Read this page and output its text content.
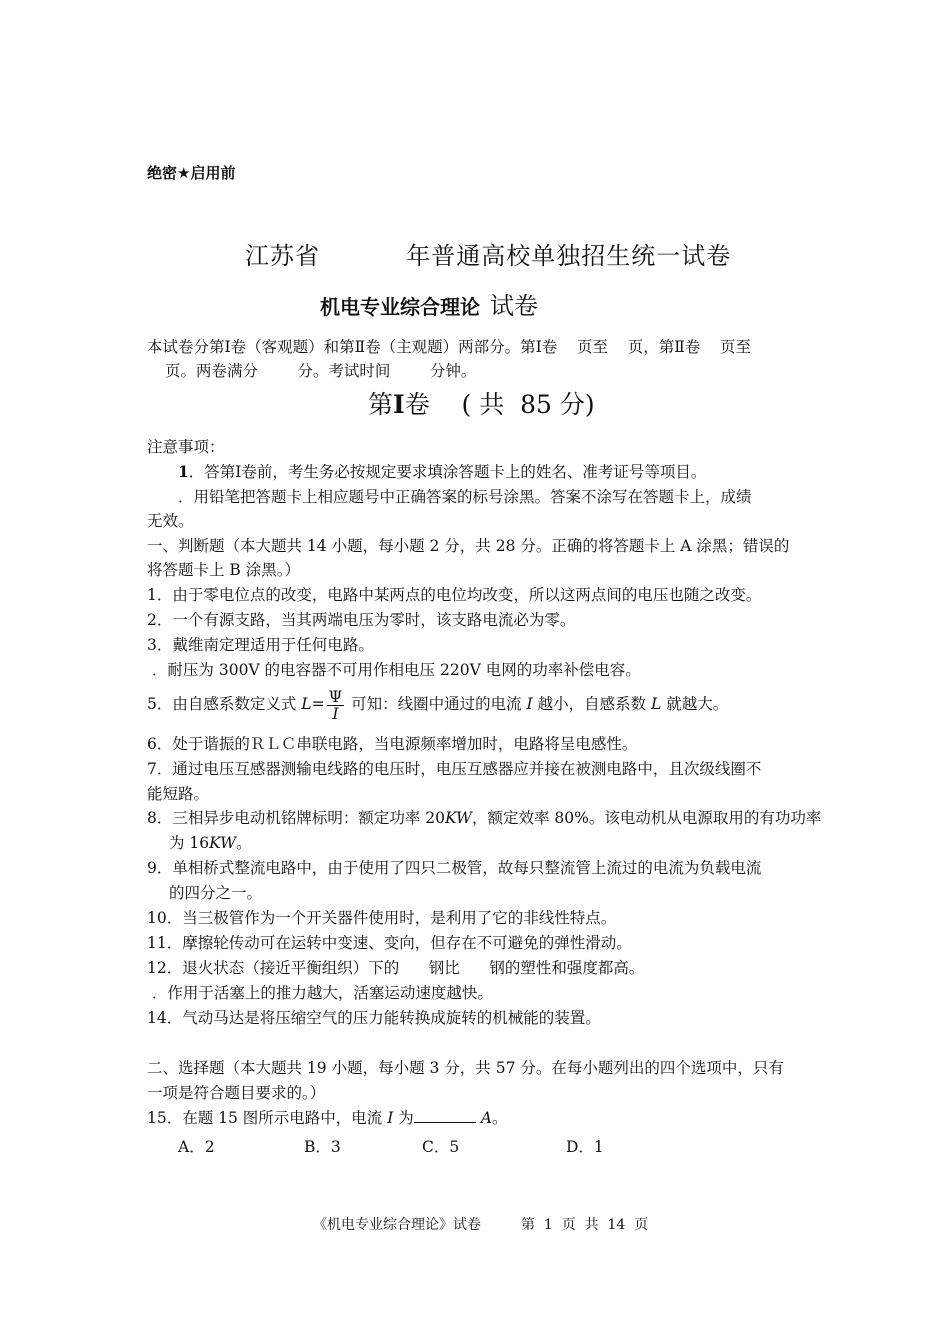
绝密★启用前
江苏省          年普通高校单独招生统一试卷
机电专业综合理论 试卷
本试卷分第Ⅰ卷（客观题）和第Ⅱ卷（主观题）两部分。第Ⅰ卷    页至    页，第Ⅱ卷    页至
页。两卷满分        分。考试时间        分钟。
第I卷    ( 共  85 分)
注意事项：
1．答第Ⅰ卷前，考生务必按规定要求填涂答题卡上的姓名、准考证号等项目。
．用铅笔把答题卡上相应题号中正确答案的标号涂黑。答案不涂写在答题卡上，成绩
无效。
一、判断题（本大题共 14 小题，每小题 2 分，共 28 分。正确的将答题卡上 A 涂黑；错误的
将答题卡上 B 涂黑。）
1．由于零电位点的改变，电路中某两点的电位均改变，所以这两点间的电压也随之改变。
2．一个有源支路，当其两端电压为零时，该支路电流必为零。
3．戴维南定理适用于任何电路。
．耐压为 300V 的电容器不可用作相电压 220V 电网的功率补偿电容。
5．由自感系数定义式 $L= \frac{\Psi}{I}$ 可知：线圈中通过的电流 I 越小，自感系数 L 就越大。
6．处于谐振的ＲＬＣ串联电路，当电源频率增加时，电路将呈电感性。
7．通过电压互感器测输电线路的电压时，电压互感器应并接在被测电路中，且次级线圈不
能短路。
8．三相异步电动机铭牌标明：额定功率 20KW，额定效率 80%。该电动机从电源取用的有功功率
为 16KW。
9．单相桥式整流电路中，由于使用了四只二极管，故每只整流管上流过的电流为负载电流
的四分之一。
10．当三极管作为一个开关器件使用时，是利用了它的非线性特点。
11．摩擦轮传动可在运转中变速、变向，但存在不可避免的弹性滑动。
12．退火状态（接近平衡组织）下的      钢比      钢的塑性和强度都高。
．作用于活塞上的推力越大，活塞运动速度越快。
14．气动马达是将压缩空气的压力能转换成旋转的机械能的装置。
二、选择题（本大题共 19 小题，每小题 3 分，共 57 分。在每小题列出的四个选项中，只有
一项是符合题目要求的。）
15．在题 15 图所示电路中，电流 I 为	A。
A．2	B．3	C．5	D．1
《机电专业综合理论》试卷	第  1  页  共  14  页
